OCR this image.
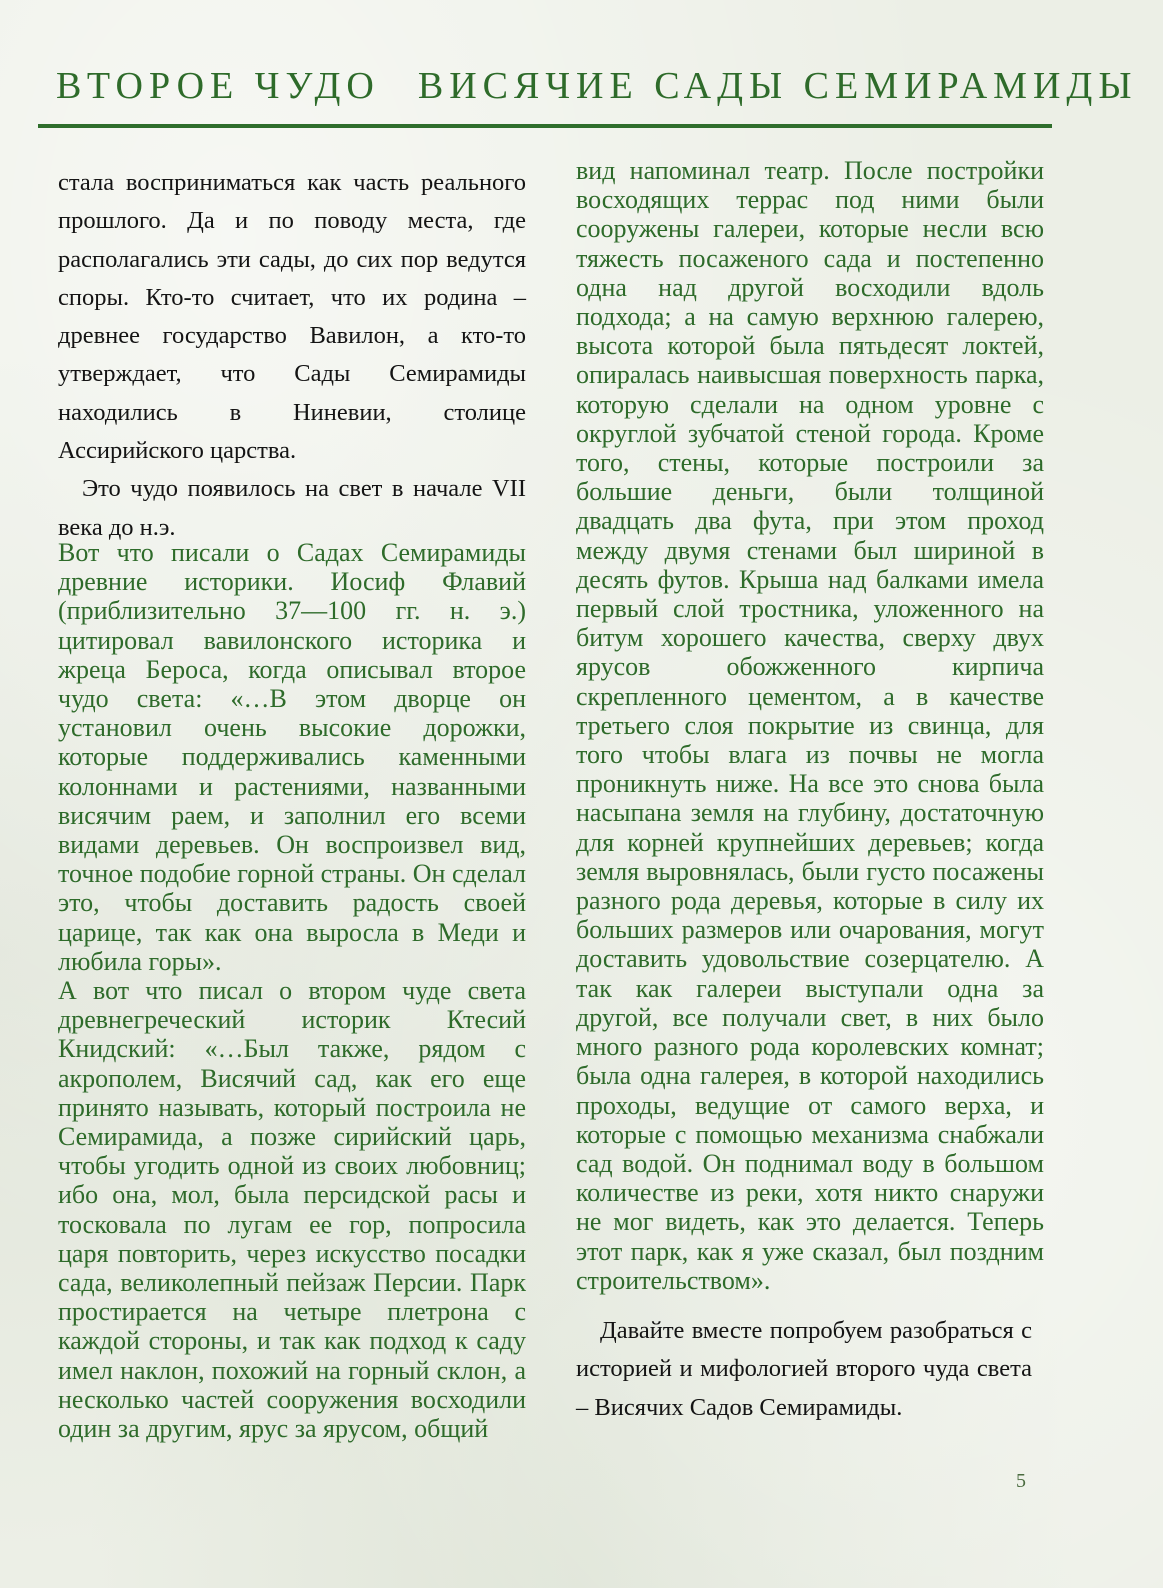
ВТОРОЕ ЧУДО ВИСЯЧИЕ САДЫ СЕМИРАМИДЫ

стала восприниматься как часть реального прошлого. Да и по поводу места, где располагались эти сады, до сих пор ведутся споры. Кто-то считает, что их родина – древнее государство Вавилон, а кто-то утверждает, что Сады Семирамиды находились в Ниневии, столице Ассирийского царства.

Это чудо появилось на свет в начале VII века до н.э.

Вот что писали о Садах Семирамиды древние историки. Иосиф Флавий (приблизительно 37—100 гг. н. э.) цитировал вавилонского историка и жреца Бероса, когда описывал второе чудо света: «…В этом дворце он установил очень высокие дорожки, которые поддерживались каменными колоннами и растениями, названными висячим раем, и заполнил его всеми видами деревьев. Он воспроизвел вид, точное подобие горной страны. Он сделал это, чтобы доставить радость своей царице, так как она выросла в Меди и любила горы».

А вот что писал о втором чуде света древнегреческий историк Ктесий Книдский: «…Был также, рядом с акрополем, Висячий сад, как его еще принято называть, который построила не Семирамида, а позже сирийский царь, чтобы угодить одной из своих любовниц; ибо она, мол, была персидской расы и тосковала по лугам ее гор, попросила царя повторить, через искусство посадки сада, великолепный пейзаж Персии. Парк простирается на четыре плетрона с каждой стороны, и так как подход к саду имел наклон, похожий на горный склон, а несколько частей сооружения восходили один за другим, ярус за ярусом, общий

вид напоминал театр. После постройки восходящих террас под ними были сооружены галереи, которые несли всю тяжесть посаженого сада и постепенно одна над другой восходили вдоль подхода; а на самую верхнюю галерею, высота которой была пятьдесят локтей, опиралась наивысшая поверхность парка, которую сделали на одном уровне с округлой зубчатой стеной города. Кроме того, стены, которые построили за большие деньги, были толщиной двадцать два фута, при этом проход между двумя стенами был шириной в десять футов. Крыша над балками имела первый слой тростника, уложенного на битум хорошего качества, сверху двух ярусов обожженного кирпича скрепленного цементом, а в качестве третьего слоя покрытие из свинца, для того чтобы влага из почвы не могла проникнуть ниже. На все это снова была насыпана земля на глубину, достаточную для корней крупнейших деревьев; когда земля выровнялась, были густо посажены разного рода деревья, которые в силу их больших размеров или очарования, могут доставить удовольствие созерцателю. А так как галереи выступали одна за другой, все получали свет, в них было много разного рода королевских комнат; была одна галерея, в которой находились проходы, ведущие от самого верха, и которые с помощью механизма снабжали сад водой. Он поднимал воду в большом количестве из реки, хотя никто снаружи не мог видеть, как это делается. Теперь этот парк, как я уже сказал, был поздним строительством».

Давайте вместе попробуем разобраться с историей и мифологией второго чуда света – Висячих Садов Семирамиды.

5
